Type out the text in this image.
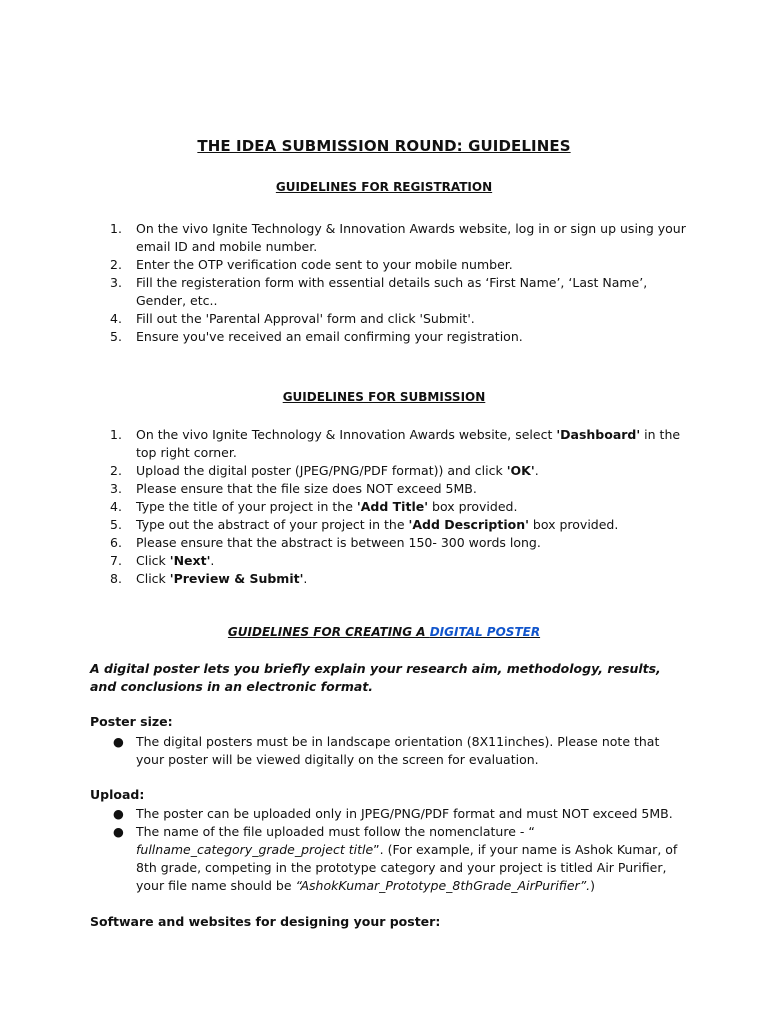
THE IDEA SUBMISSION ROUND: GUIDELINES
GUIDELINES FOR REGISTRATION
1. On the vivo Ignite Technology & Innovation Awards website, log in or sign up using your email ID and mobile number.
2. Enter the OTP verification code sent to your mobile number.
3. Fill the registeration form with essential details such as ‘First Name’, ‘Last Name’, Gender, etc..
4. Fill out the 'Parental Approval' form and click 'Submit'.
5. Ensure you've received an email confirming your registration.
GUIDELINES FOR SUBMISSION
1. On the vivo Ignite Technology & Innovation Awards website, select 'Dashboard' in the top right corner.
2. Upload the digital poster (JPEG/PNG/PDF format)) and click 'OK'.
3. Please ensure that the file size does NOT exceed 5MB.
4. Type the title of your project in the 'Add Title' box provided.
5. Type out the abstract of your project in the 'Add Description' box provided.
6. Please ensure that the abstract is between 150- 300 words long.
7. Click 'Next'.
8. Click 'Preview & Submit'.
GUIDELINES FOR CREATING A DIGITAL POSTER
A digital poster lets you briefly explain your research aim, methodology, results, and conclusions in an electronic format.
Poster size:
● The digital posters must be in landscape orientation (8X11inches). Please note that your poster will be viewed digitally on the screen for evaluation.
Upload:
● The poster can be uploaded only in JPEG/PNG/PDF format and must NOT exceed 5MB.
● The name of the file uploaded must follow the nomenclature - “ fullname_category_grade_project title”. (For example, if your name is Ashok Kumar, of 8th grade, competing in the prototype category and your project is titled Air Purifier, your file name should be “AshokKumar_Prototype_8thGrade_AirPurifier”.)
Software and websites for designing your poster:
